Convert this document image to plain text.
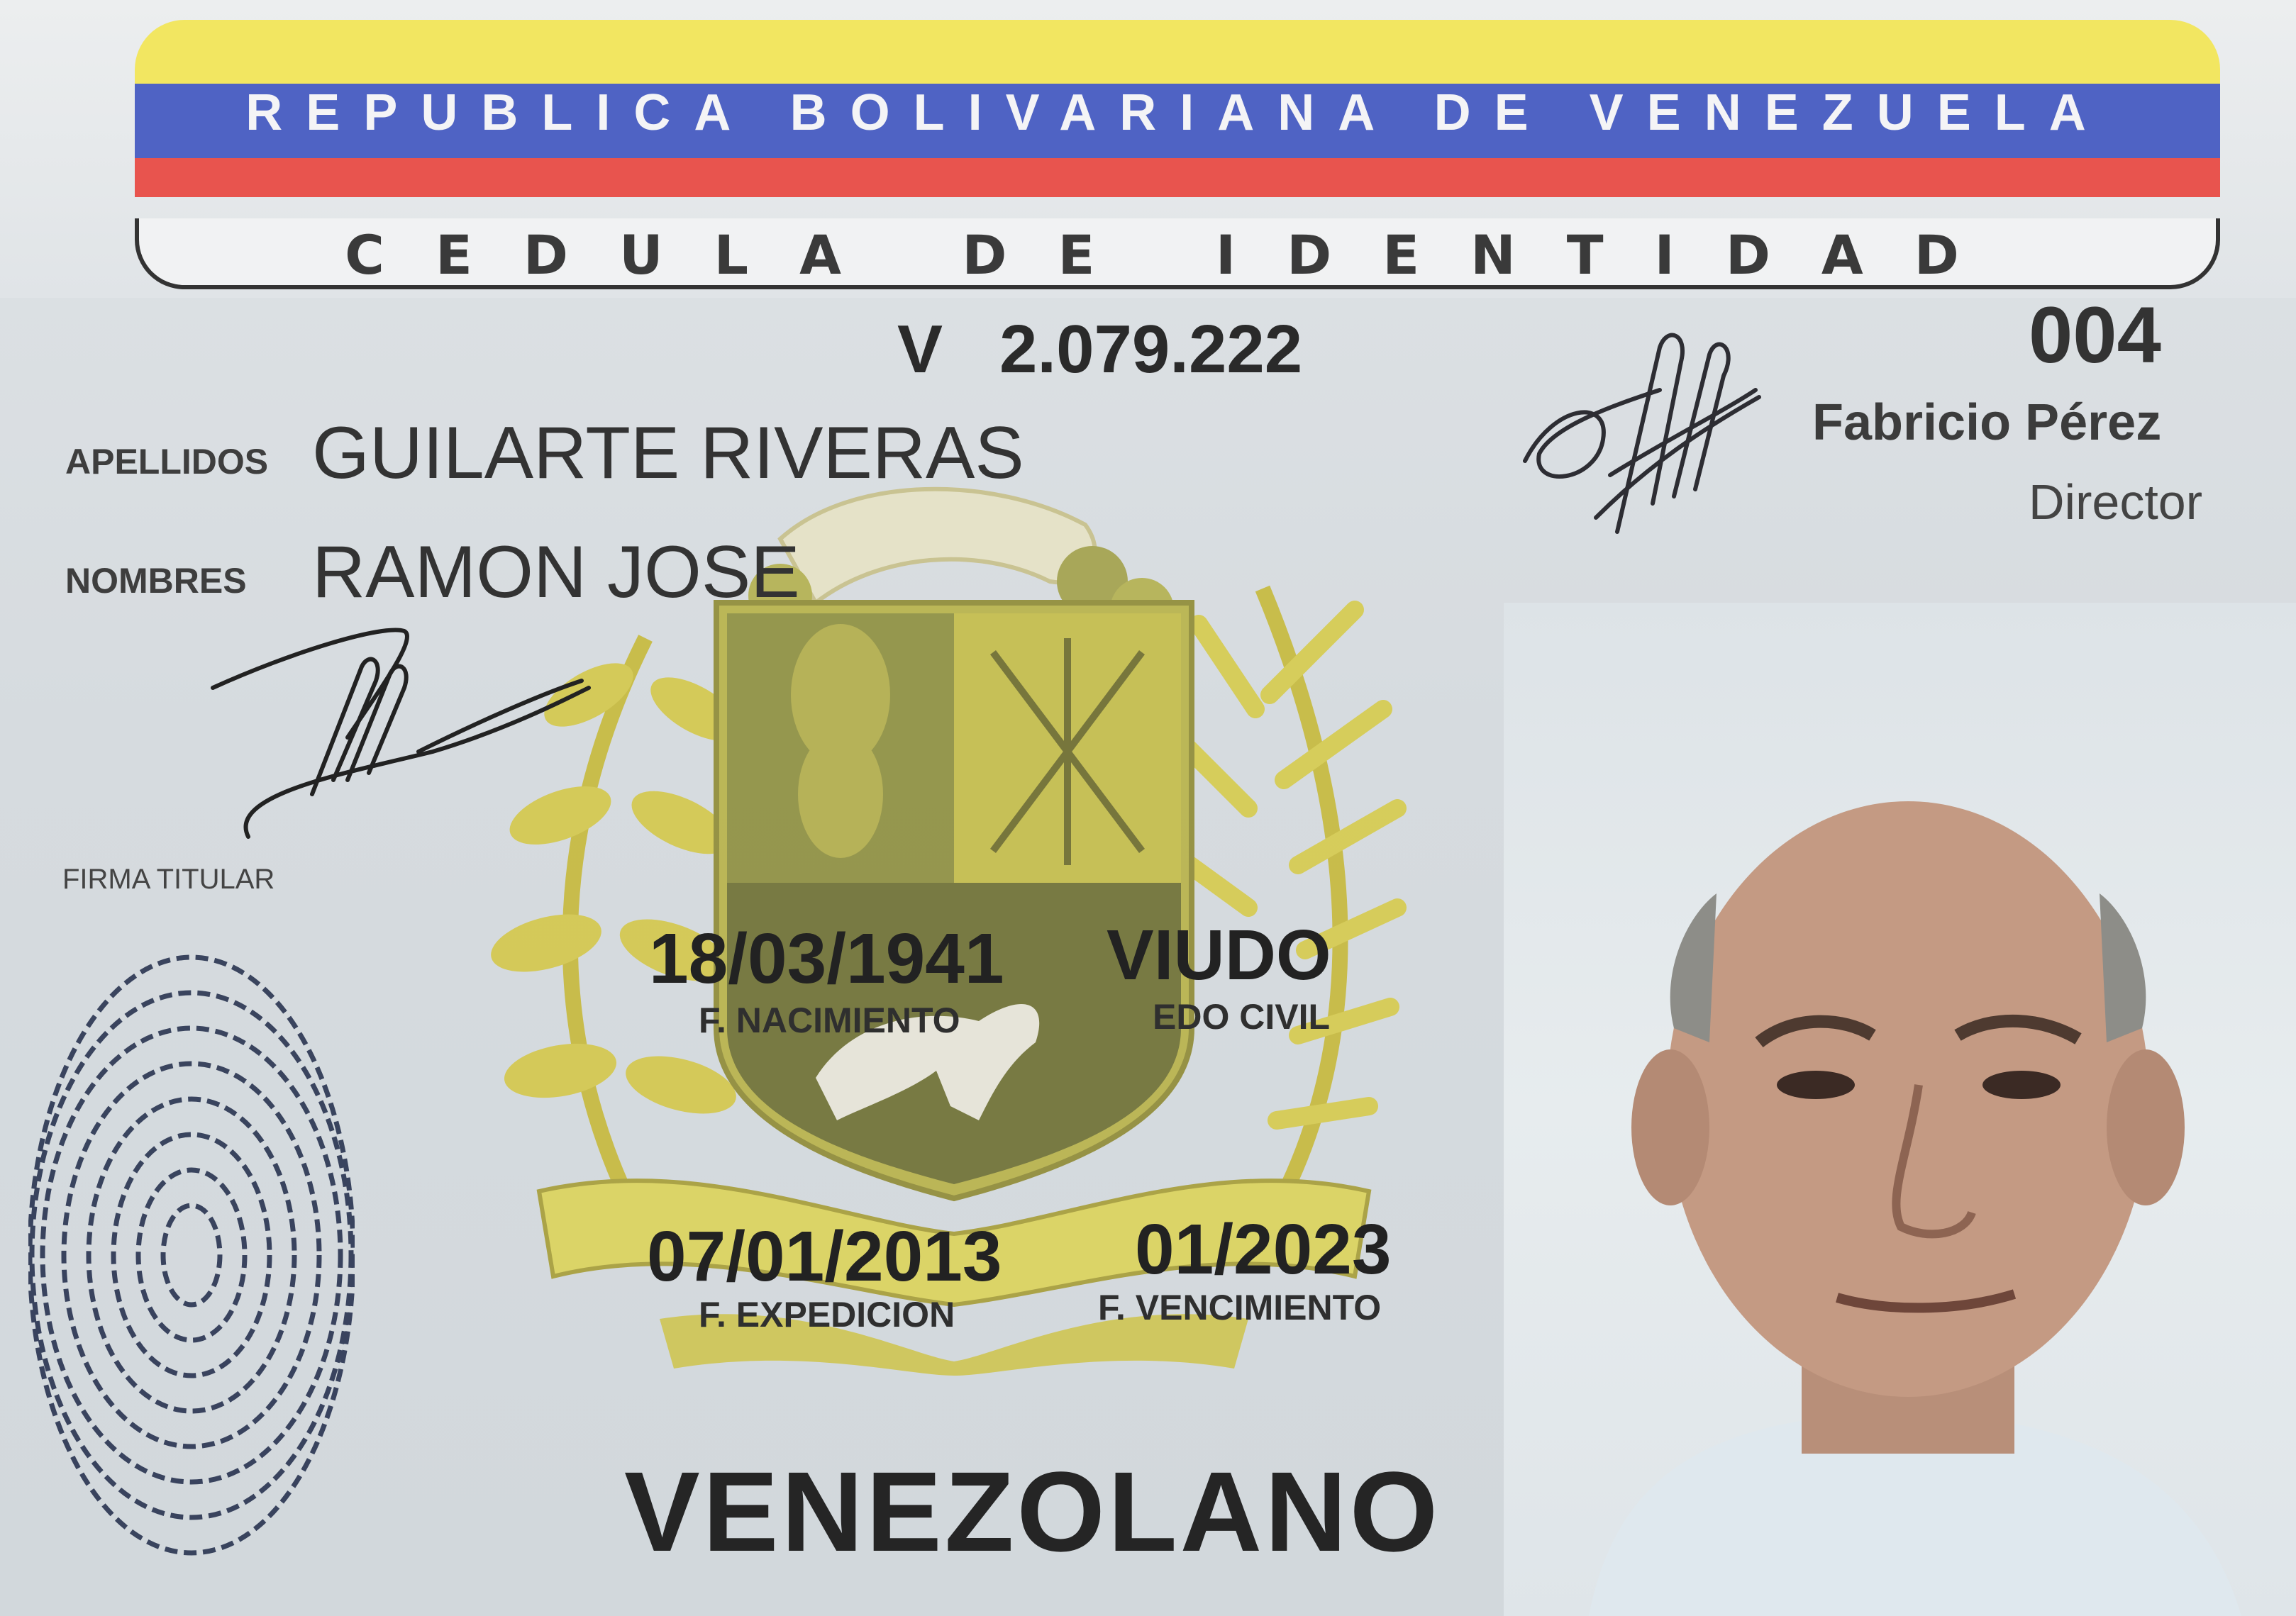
REPUBLICA BOLIVARIANA DE VENEZUELA
CEDULA DE IDENTIDAD
V 2.079.222	004
Fabricio Pérez
Director
APELLIDOS GUILARTE RIVERAS
NOMBRES RAMON JOSE
FIRMA TITULAR
18/03/1941
F. NACIMIENTO
VIUDO
EDO CIVIL
07/01/2013
F. EXPEDICION
01/2023
F. VENCIMIENTO
VENEZOLANO
